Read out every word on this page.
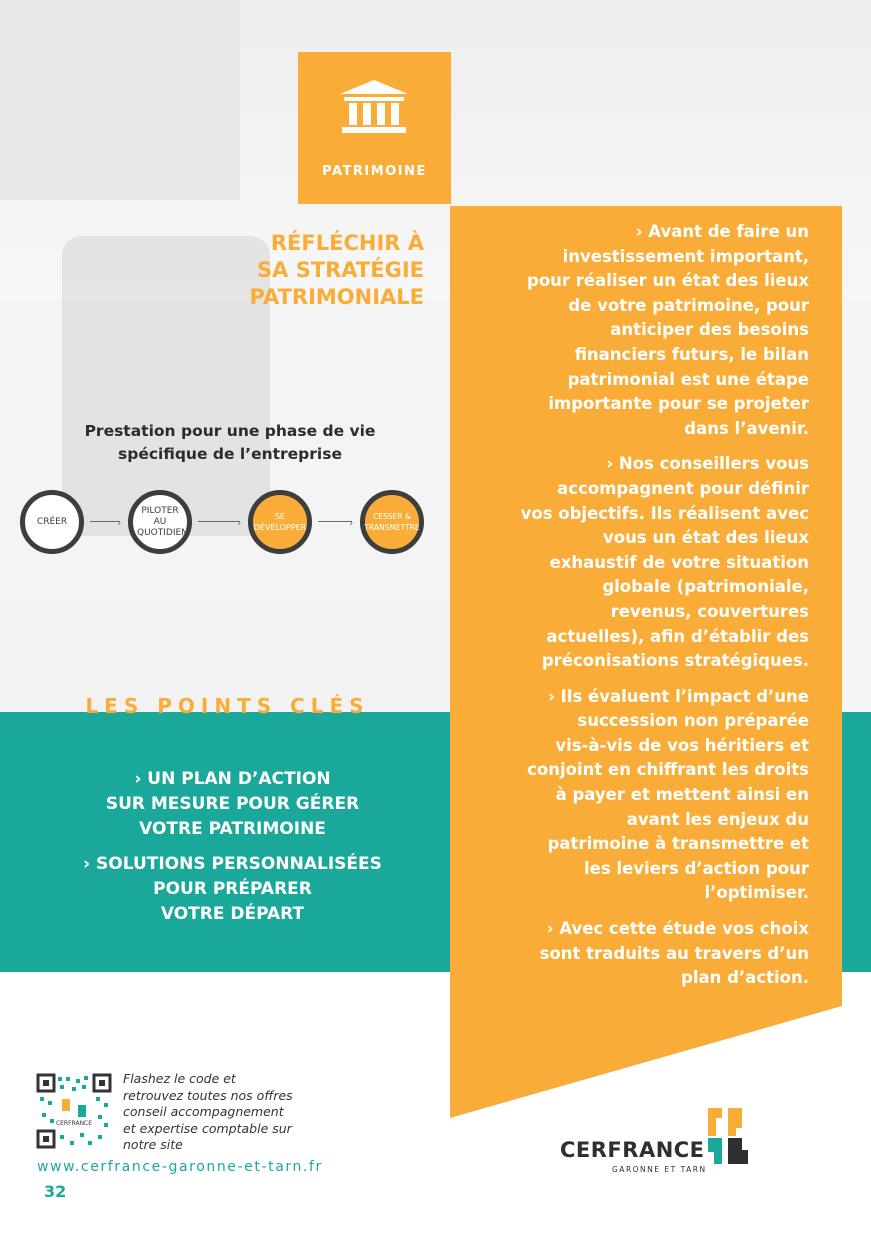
PATRIMOINE
RÉFLÉCHIR À
SA STRATÉGIE
PATRIMONIALE
Prestation pour une phase de vie
spécifique de l’entreprise
CRÉER	›
PILOTER AU QUOTIDIEN
›	SE DÉVELOPPER	›	CESSER & TRANSMETTRE
LES POINTS CLÉS
› UN PLAN D’ACTION
SUR MESURE POUR GÉRER
VOTRE PATRIMOINE
› SOLUTIONS PERSONNALISÉES
POUR PRÉPARER
VOTRE DÉPART
› Avant de faire un
investissement important,
pour réaliser un état des lieux
de votre patrimoine, pour
anticiper des besoins
financiers futurs, le bilan
patrimonial est une étape
importante pour se projeter
dans l’avenir.
› Nos conseillers vous
accompagnent pour définir
vos objectifs. Ils réalisent avec
vous un état des lieux
exhaustif de votre situation
globale (patrimoniale,
revenus, couvertures
actuelles), afin d’établir des
préconisations stratégiques.
› Ils évaluent l’impact d’une
succession non préparée
vis-à-vis de vos héritiers et
conjoint en chiffrant les droits
à payer et mettent ainsi en
avant les enjeux du
patrimoine à transmettre et
les leviers d’action pour
l’optimiser.
› Avec cette étude vos choix
sont traduits au travers d’un
plan d’action.
CERFRANCE
Flashez le code et
retrouvez toutes nos offres
conseil accompagnement
et expertise comptable sur
notre site
www.cerfrance-garonne-et-tarn.fr
32
CERFRANCE
GARONNE ET TARN
